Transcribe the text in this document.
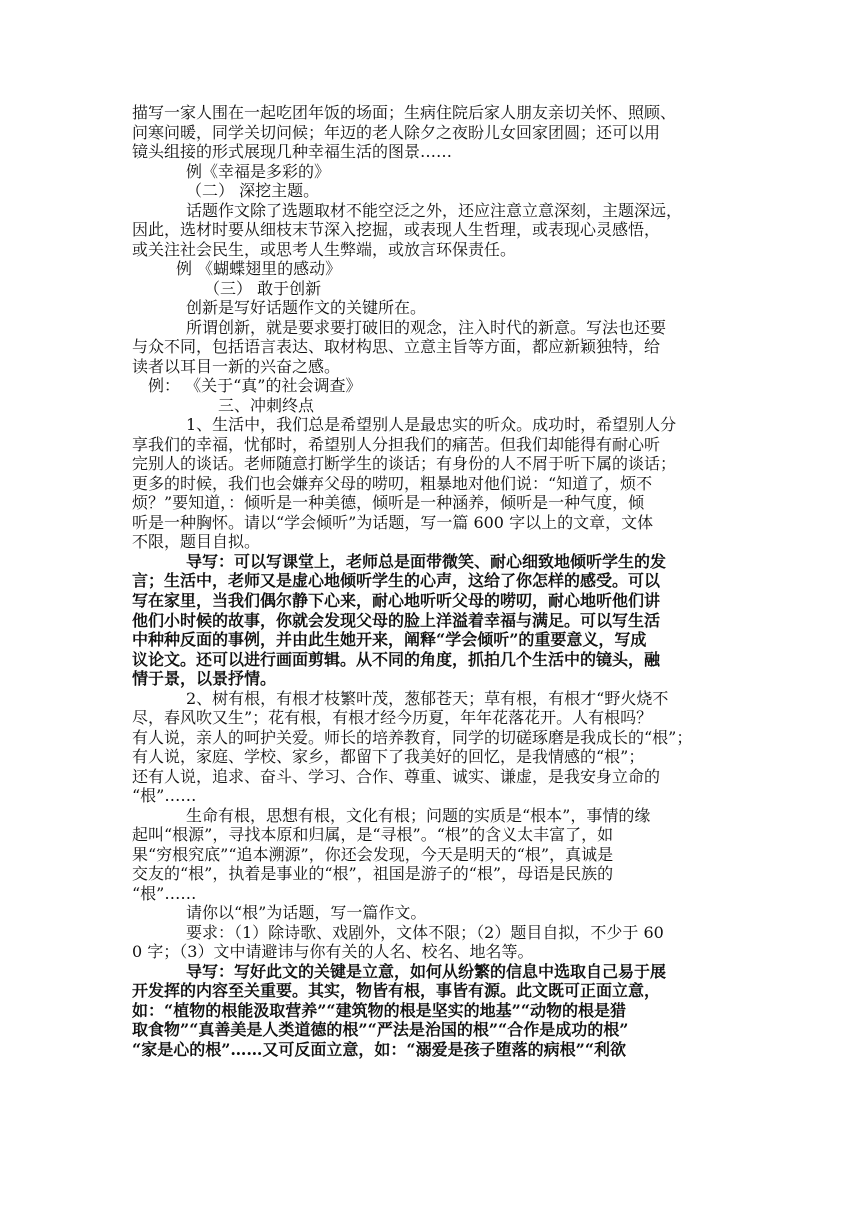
描写一家人围在一起吃团年饭的场面；生病住院后家人朋友亲切关怀、照顾、
问寒问暖，同学关切问候；年迈的老人除夕之夜盼儿女回家团圆；还可以用
镜头组接的形式展现几种幸福生活的图景……
例《幸福是多彩的》
（二） 深挖主题。
话题作文除了选题取材不能空泛之外，还应注意立意深刻，主题深远，
因此，选材时要从细枝末节深入挖掘，或表现人生哲理，或表现心灵感悟，
或关注社会民生，或思考人生弊端，或放言环保责任。
例 《蝴蝶翅里的感动》
（三） 敢于创新
创新是写好话题作文的关键所在。
所谓创新，就是要求要打破旧的观念，注入时代的新意。写法也还要
与众不同，包括语言表达、取材构思、立意主旨等方面，都应新颖独特，给
读者以耳目一新的兴奋之感。
例： 《关于“真”的社会调查》
三、冲刺终点
1、生活中，我们总是希望别人是最忠实的听众。成功时，希望别人分
享我们的幸福，忧郁时，希望别人分担我们的痛苦。但我们却能得有耐心听
完别人的谈话。老师随意打断学生的谈话；有身份的人不屑于听下属的谈话；
更多的时候，我们也会嫌弃父母的唠叨，粗暴地对他们说：“知道了，烦不
烦？”要知道，：倾听是一种美德，倾听是一种涵养，倾听是一种气度，倾
听是一种胸怀。请以“学会倾听”为话题，写一篇 600 字以上的文章，文体
不限，题目自拟。
导写：可以写课堂上，老师总是面带微笑、耐心细致地倾听学生的发
言；生活中，老师又是虚心地倾听学生的心声，这给了你怎样的感受。可以
写在家里，当我们偶尔静下心来，耐心地听听父母的唠叨，耐心地听他们讲
他们小时候的故事，你就会发现父母的脸上洋溢着幸福与满足。可以写生活
中种种反面的事例，并由此生她开来，阐释“学会倾听”的重要意义，写成
议论文。还可以进行画面剪辑。从不同的角度，抓拍几个生活中的镜头，融
情于景，以景抒情。
2、树有根，有根才枝繁叶茂，葱郁苍天；草有根，有根才“野火烧不
尽，春风吹又生”；花有根，有根才经今历夏，年年花落花开。人有根吗？
有人说，亲人的呵护关爱。师长的培养教育，同学的切磋琢磨是我成长的“根”；
有人说，家庭、学校、家乡，都留下了我美好的回忆，是我情感的“根”；
还有人说，追求、奋斗、学习、合作、尊重、诚实、谦虚，是我安身立命的
“根”……
生命有根，思想有根，文化有根；问题的实质是“根本”，事情的缘
起叫“根源”，寻找本原和归属，是“寻根”。“根”的含义太丰富了，如
果“穷根究底”“追本溯源”，你还会发现，今天是明天的“根”，真诚是
交友的“根”，执着是事业的“根”，祖国是游子的“根”，母语是民族的
“根”……
请你以“根”为话题，写一篇作文。
要求：（1）除诗歌、戏剧外，文体不限；（2）题目自拟，不少于 60
0 字；（3）文中请避讳与你有关的人名、校名、地名等。
导写：写好此文的关键是立意，如何从纷繁的信息中选取自己易于展
开发挥的内容至关重要。其实，物皆有根，事皆有源。此文既可正面立意，
如：“植物的根能汲取营养”“建筑物的根是坚实的地基”“动物的根是猎
取食物”“真善美是人类道德的根”“严法是治国的根”“合作是成功的根”
“家是心的根”……又可反面立意，如：“溺爱是孩子堕落的病根”“利欲
